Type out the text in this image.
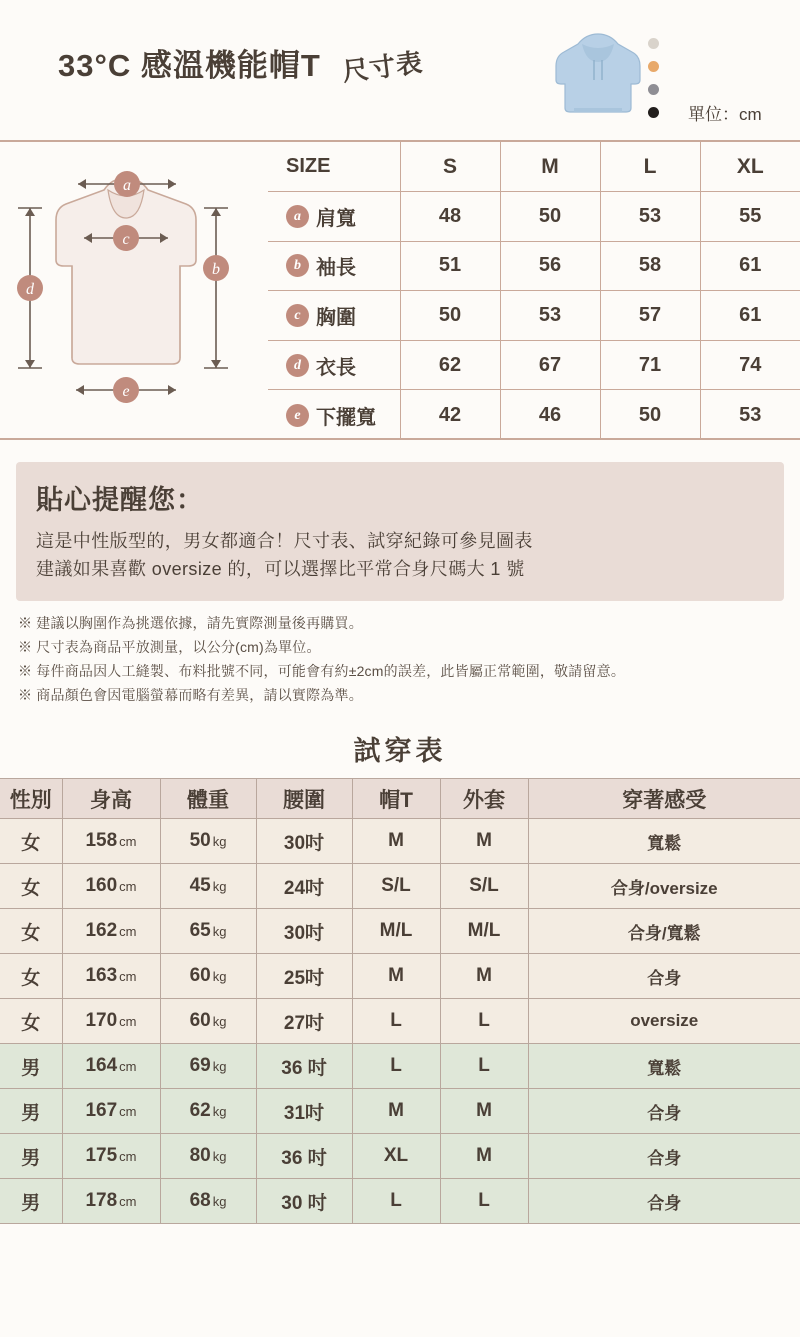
33°C 感溫機能帽T 尺寸表
單位：cm
a
c
d
b
e
SIZE	S	M	L	XL
a 肩寬	48	50	53	55
b 袖長	51	56	58	61
c 胸圍	50	53	57	61
d 衣長	62	67	71	74
e 下擺寬	42	46	50	53
貼心提醒您：

這是中性版型的，男女都適合！尺寸表、試穿紀錄可參見圖表

建議如果喜歡 oversize 的，可以選擇比平常合身尺碼大 1 號

※ 建議以胸圍作為挑選依據，請先實際測量後再購買。

※ 尺寸表為商品平放測量，以公分(cm)為單位。

※ 每件商品因人工縫製、布料批號不同，可能會有約±2cm的誤差，此皆屬正常範圍，敬請留意。

※ 商品顏色會因電腦螢幕而略有差異，請以實際為準。

試穿表
性別	身高	體重	腰圍	帽T	外套	穿著感受
女	158 cm	50 kg	30吋	M	M	寬鬆
女	160 cm	45 kg	24吋	S/L	S/L	合身/oversize
女	162 cm	65 kg	30吋	M/L	M/L	合身/寬鬆
女	163 cm	60 kg	25吋	M	M	合身
女	170 cm	60 kg	27吋	L	L	oversize
男	164 cm	69 kg	36 吋	L	L	寬鬆
男	167 cm	62 kg	31吋	M	M	合身
男	175 cm	80 kg	36 吋	XL	M	合身
男	178 cm	68 kg	30 吋	L	L	合身
